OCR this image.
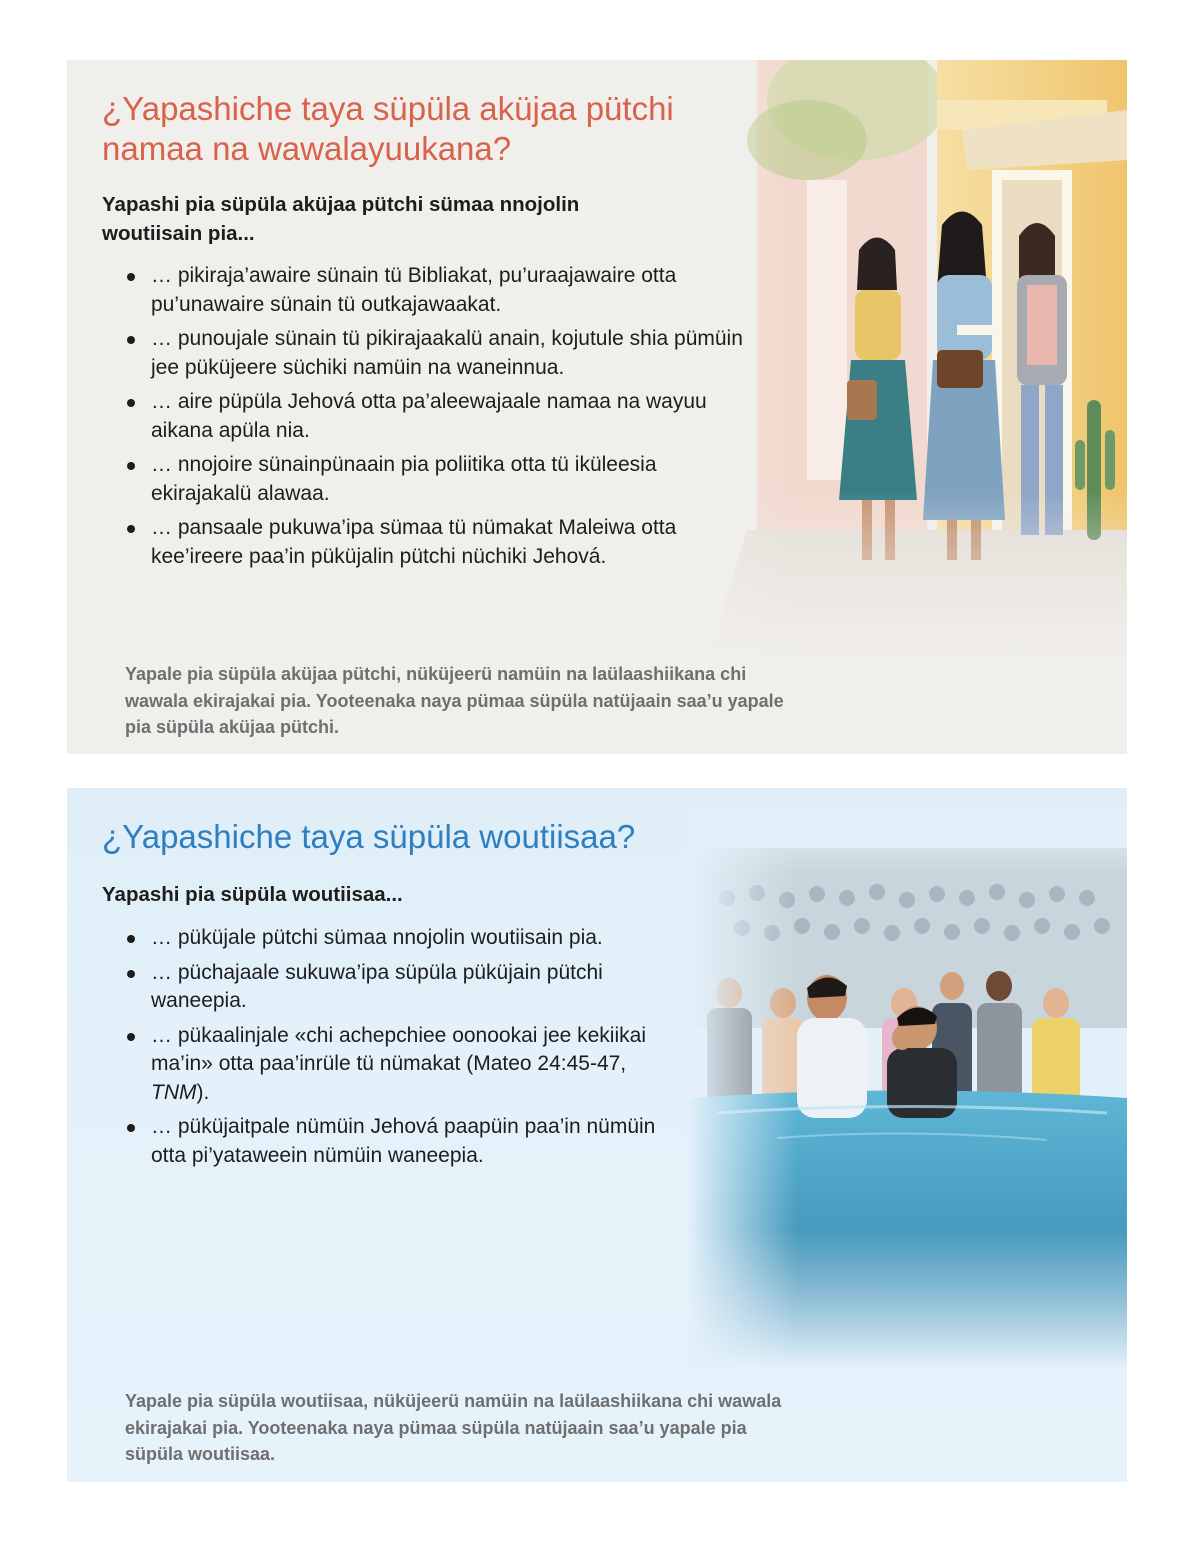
¿Yapashiche taya süpüla aküjaa pütchi namaa na wawalayuukana?

Yapashi pia süpüla aküjaa pütchi sümaa nnojolin woutiisain pia...

… pikiraja’awaire sünain tü Bibliakat, pu’uraajawaire otta pu’unawaire sünain tü outkajawaakat.
… punoujale sünain tü pikirajaakalü anain, kojutule shia pümüin jee püküjeere süchiki namüin na waneinnua.
… aire püpüla Jehová otta pa’aleewajaale namaa na wayuu aikana apüla nia.
… nnojoire sünainpünaain pia poliitika otta tü iküleesia ekirajakalü alawaa.
… pansaale pukuwa’ipa sümaa tü nümakat Maleiwa otta kee’ireere paa’in püküjalin pütchi nüchiki Jehová.

Yapale pia süpüla aküjaa pütchi, nüküjeerü namüin na laülaashiikana chi wawala ekirajakai pia. Yooteenaka naya pümaa süpüla natüjaain saa’u yapale pia süpüla aküjaa pütchi.

¿Yapashiche taya süpüla woutiisaa?

Yapashi pia süpüla woutiisaa...

… püküjale pütchi sümaa nnojolin woutiisain pia.
… püchajaale sukuwa’ipa süpüla püküjain pütchi waneepia.
… pükaalinjale «chi achepchiee oonookai jee kekiikai ma’in» otta paa’inrüle tü nümakat (Mateo 24:45-47, TNM).
… püküjaitpale nümüin Jehová paapüin paa’in nümüin otta pi’yataweein nümüin waneepia.

Yapale pia süpüla woutiisaa, nüküjeerü namüin na laülaashiikana chi wawala ekirajakai pia. Yooteenaka naya pümaa süpüla natüjaain saa’u yapale pia süpüla woutiisaa.
